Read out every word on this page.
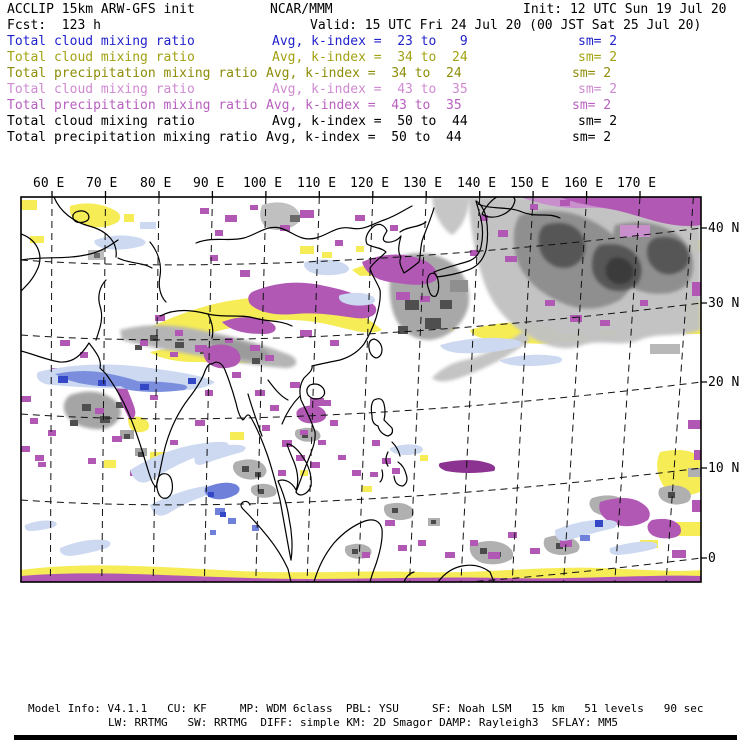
ACCLIP 15km ARW-GFS init	NCAR/MMM	Init: 12 UTC Sun 19 Jul 20
Fcst:  123 h	Valid: 15 UTC Fri 24 Jul 20 (00 JST Sat 25 Jul 20)
Total cloud mixing ratio	Avg, k-index =  23 to   9	sm= 2
Total cloud mixing ratio	Avg, k-index =  34 to  24	sm= 2
Total precipitation mixing ratio Avg, k-index =  34 to  24	sm= 2
Total cloud mixing ratio	Avg, k-index =  43 to  35	sm= 2
Total precipitation mixing ratio Avg, k-index =  43 to  35	sm= 2
Total cloud mixing ratio	Avg, k-index =  50 to  44	sm= 2
Total precipitation mixing ratio Avg, k-index =  50 to  44	sm= 2
60 E 70 E 80 E 90 E 100 E 110 E 120 E 130 E 140 E 150 E 160 E 170 E
40 N
30 N
20 N
10 N
0
Model Info: V4.1.1   CU: KF     MP: WDM 6class  PBL: YSU     SF: Noah LSM   15 km   51 levels   90 sec
LW: RRTMG   SW: RRTMG  DIFF: simple KM: 2D Smagor DAMP: Rayleigh3  SFLAY: MM5
